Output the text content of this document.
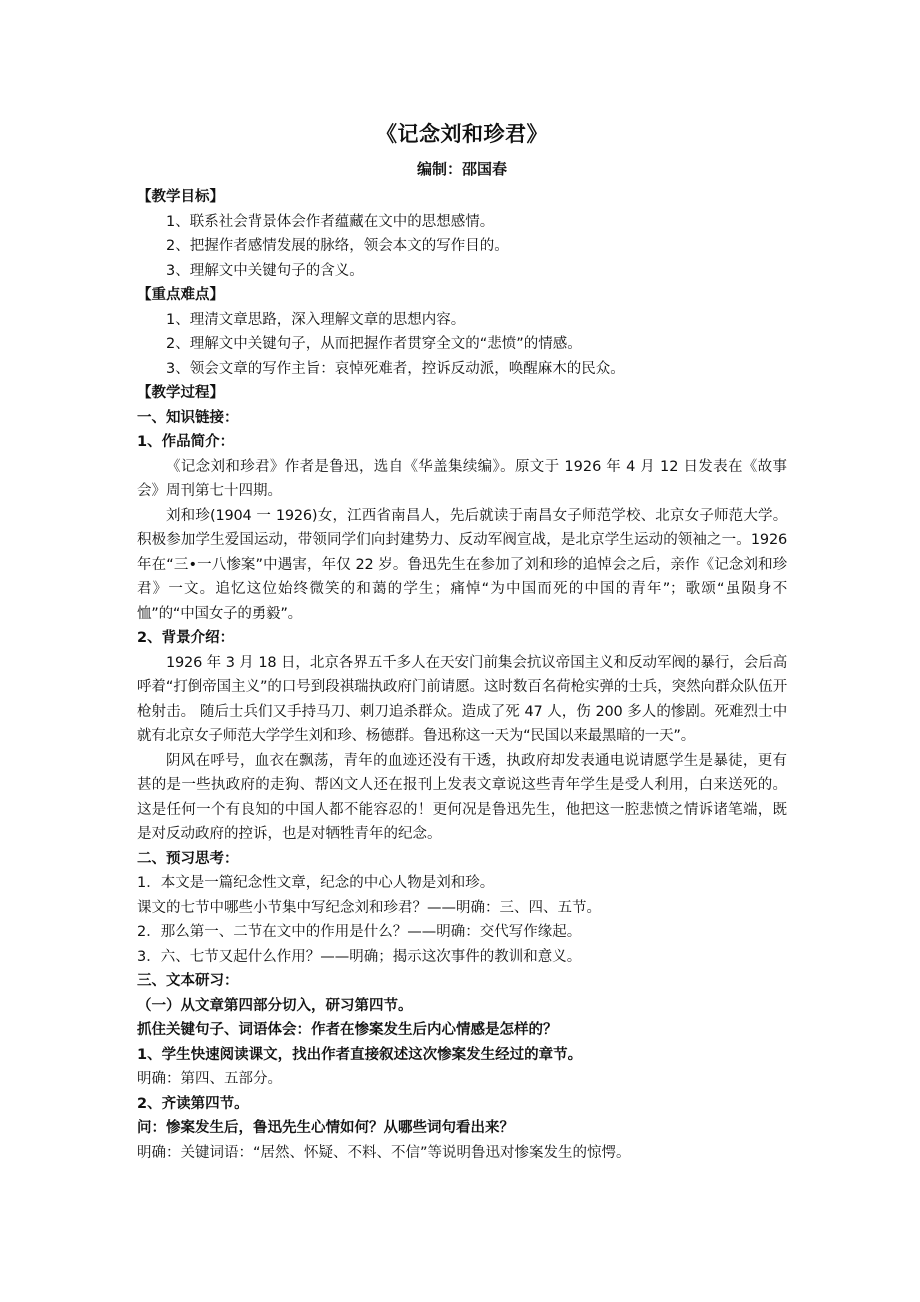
《记念刘和珍君》
编制：邵国春

【教学目标】

1、联系社会背景体会作者蕴藏在文中的思想感情。

2、把握作者感情发展的脉络，领会本文的写作目的。

3、理解文中关键句子的含义。

【重点难点】

1、理清文章思路，深入理解文章的思想内容。

2、理解文中关键句子，从而把握作者贯穿全文的“悲愤”的情感。

3、领会文章的写作主旨：哀悼死难者，控诉反动派，唤醒麻木的民众。

【教学过程】

一、知识链接：

1、作品简介：

《记念刘和珍君》作者是鲁迅，选自《华盖集续编》。原文于 1926 年 4 月 12 日发表在《故事会》周刊第七十四期。

刘和珍(1904 一 1926)女，江西省南昌人，先后就读于南昌女子师范学校、北京女子师范大学。积极参加学生爱国运动，带领同学们向封建势力、反动军阀宣战，是北京学生运动的领袖之一。1926 年在“三•一八惨案”中遇害，年仅 22 岁。鲁迅先生在参加了刘和珍的追悼会之后，亲作《记念刘和珍君》一文。追忆这位始终微笑的和蔼的学生；痛悼“为中国而死的中国的青年”；歌颂“虽陨身不恤”的“中国女子的勇毅”。

2、背景介绍：

1926 年 3 月 18 日，北京各界五千多人在天安门前集会抗议帝国主义和反动军阀的暴行，会后高呼着“打倒帝国主义”的口号到段祺瑞执政府门前请愿。这时数百名荷枪实弹的士兵，突然向群众队伍开枪射击。 随后士兵们又手持马刀、刺刀追杀群众。造成了死 47 人，伤 200 多人的惨剧。死难烈士中就有北京女子师范大学学生刘和珍、杨德群。鲁迅称这一天为“民国以来最黑暗的一天”。

阴风在呼号，血衣在飘荡，青年的血迹还没有干透，执政府却发表通电说请愿学生是暴徒，更有甚的是一些执政府的走狗、帮凶文人还在报刊上发表文章说这些青年学生是受人利用，白来送死的。这是任何一个有良知的中国人都不能容忍的！更何况是鲁迅先生，他把这一腔悲愤之情诉诸笔端，既是对反动政府的控诉，也是对牺牲青年的纪念。

二、预习思考：

1．本文是一篇纪念性文章，纪念的中心人物是刘和珍。

课文的七节中哪些小节集中写纪念刘和珍君？——明确：三、四、五节。

2．那么第一、二节在文中的作用是什么？——明确：交代写作缘起。

3．六、七节又起什么作用？——明确；揭示这次事件的教训和意义。

三、文本研习：

（一）从文章第四部分切入，研习第四节。

抓住关键句子、词语体会：作者在惨案发生后内心情感是怎样的？

1、学生快速阅读课文，找出作者直接叙述这次惨案发生经过的章节。

明确：第四、五部分。

2、齐读第四节。

问：惨案发生后，鲁迅先生心情如何？从哪些词句看出来？

明确：关键词语：“居然、怀疑、不料、不信”等说明鲁迅对惨案发生的惊愕。
